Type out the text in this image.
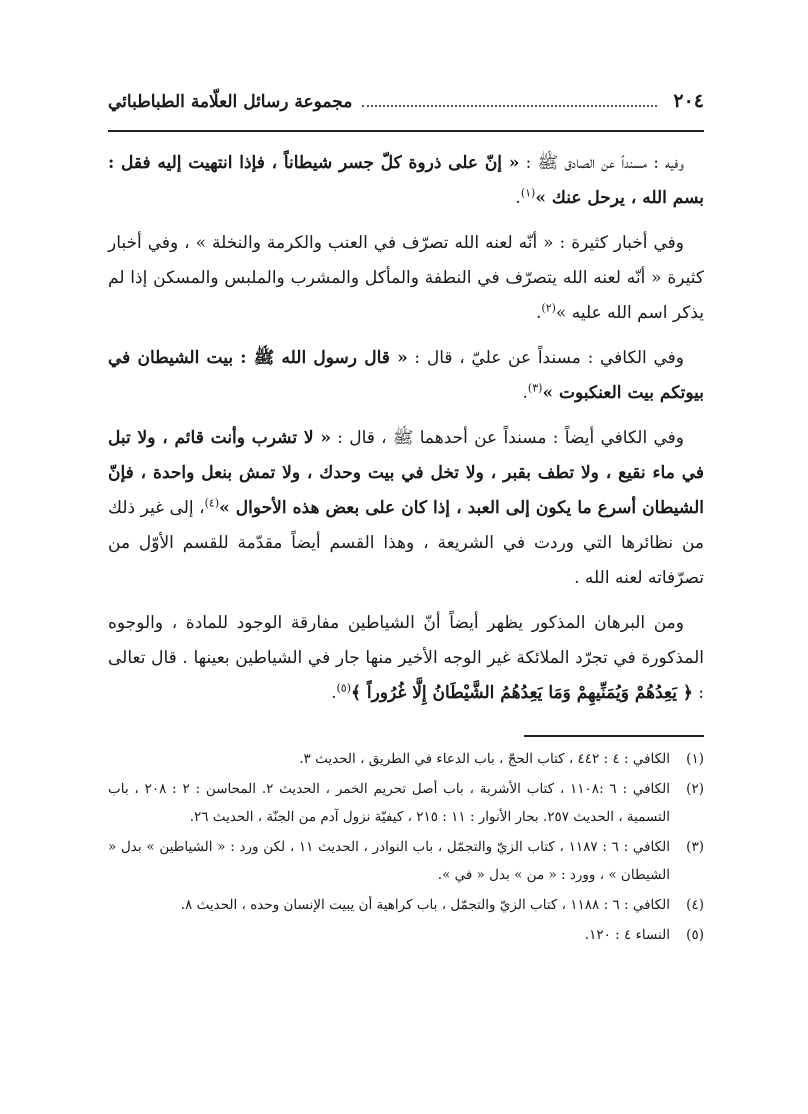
٢٠٤
مجموعة رسائل العلّامة الطباطبائي

وفيه : مسنداً عن الصادق ﷺ : « إنّ على ذروة كلّ جسر شيطاناً ، فإذا انتهيت إليه فقل : بسم الله ، يرحل عنك »$^{(١)}$.

وفي أخبار كثيرة : « أنّه لعنه الله تصرّف في العنب والكرمة والنخلة » ، وفي أخبار كثيرة « أنّه لعنه الله يتصرّف في النطفة والمأكل والمشرب والملبس والمسكن إذا لم يذكر اسم الله عليه »$^{(٢)}$.

وفي الكافي : مسنداً عن عليّ ، قال : « قال رسول الله ﷺ : بيت الشيطان في بيوتكم بيت العنكبوت »$^{(٣)}$.

وفي الكافي أيضاً : مسنداً عن أحدهما ﷺ ، قال : « لا تشرب وأنت قائم ، ولا تبل في ماء نقيع ، ولا تطف بقبر ، ولا تخل في بيت وحدك ، ولا تمش بنعل واحدة ، فإنّ الشيطان أسرع ما يكون إلى العبد ، إذا كان على بعض هذه الأحوال »$^{(٤)}$، إلى غير ذلك من نظائرها التي وردت في الشريعة ، وهذا القسم أيضاً مقدّمة للقسم الأوّل من تصرّفاته لعنه الله .

ومن البرهان المذكور يظهر أيضاً أنّ الشياطين مفارقة الوجود للمادة ، والوجوه المذكورة في تجرّد الملائكة غير الوجه الأخير منها جار في الشياطين بعينها . قال تعالى : ﴿ يَعِدُهُمْ وَيُمَنِّيهِمْ وَمَا يَعِدُهُمُ الشَّيْطَانُ إِلَّا غُرُوراً ﴾$^{(٥)}$.

(١)
الكافي : ٤ : ٤٤٢ ، كتاب الحجّ ، باب الدعاء في الطريق ، الحديث ٣.
(٢)
الكافي : ٦ :١١٠٨ ، كتاب الأشربة ، باب أصل تحريم الخمر ، الحديث ٢. المحاسن : ٢ : ٢٠٨ ، باب التسمية ، الحديث ٢٥٧. بحار الأنوار : ١١ : ٢١٥ ، كيفيّة نزول آدم من الجنّة ، الحديث ٢٦.
(٣)
الكافي : ٦ : ١١٨٧ ، كتاب الزيّ والتجمّل ، باب النوادر ، الحديث ١١ ، لكن ورد : « الشياطين » بدل « الشيطان » ، وورد : « من » بدل « في ».
(٤)
الكافي : ٦ : ١١٨٨ ، كتاب الزيّ والتجمّل ، باب كراهية أن يبيت الإنسان وحده ، الحديث ٨.
(٥)
النساء ٤ : ١٢٠.
